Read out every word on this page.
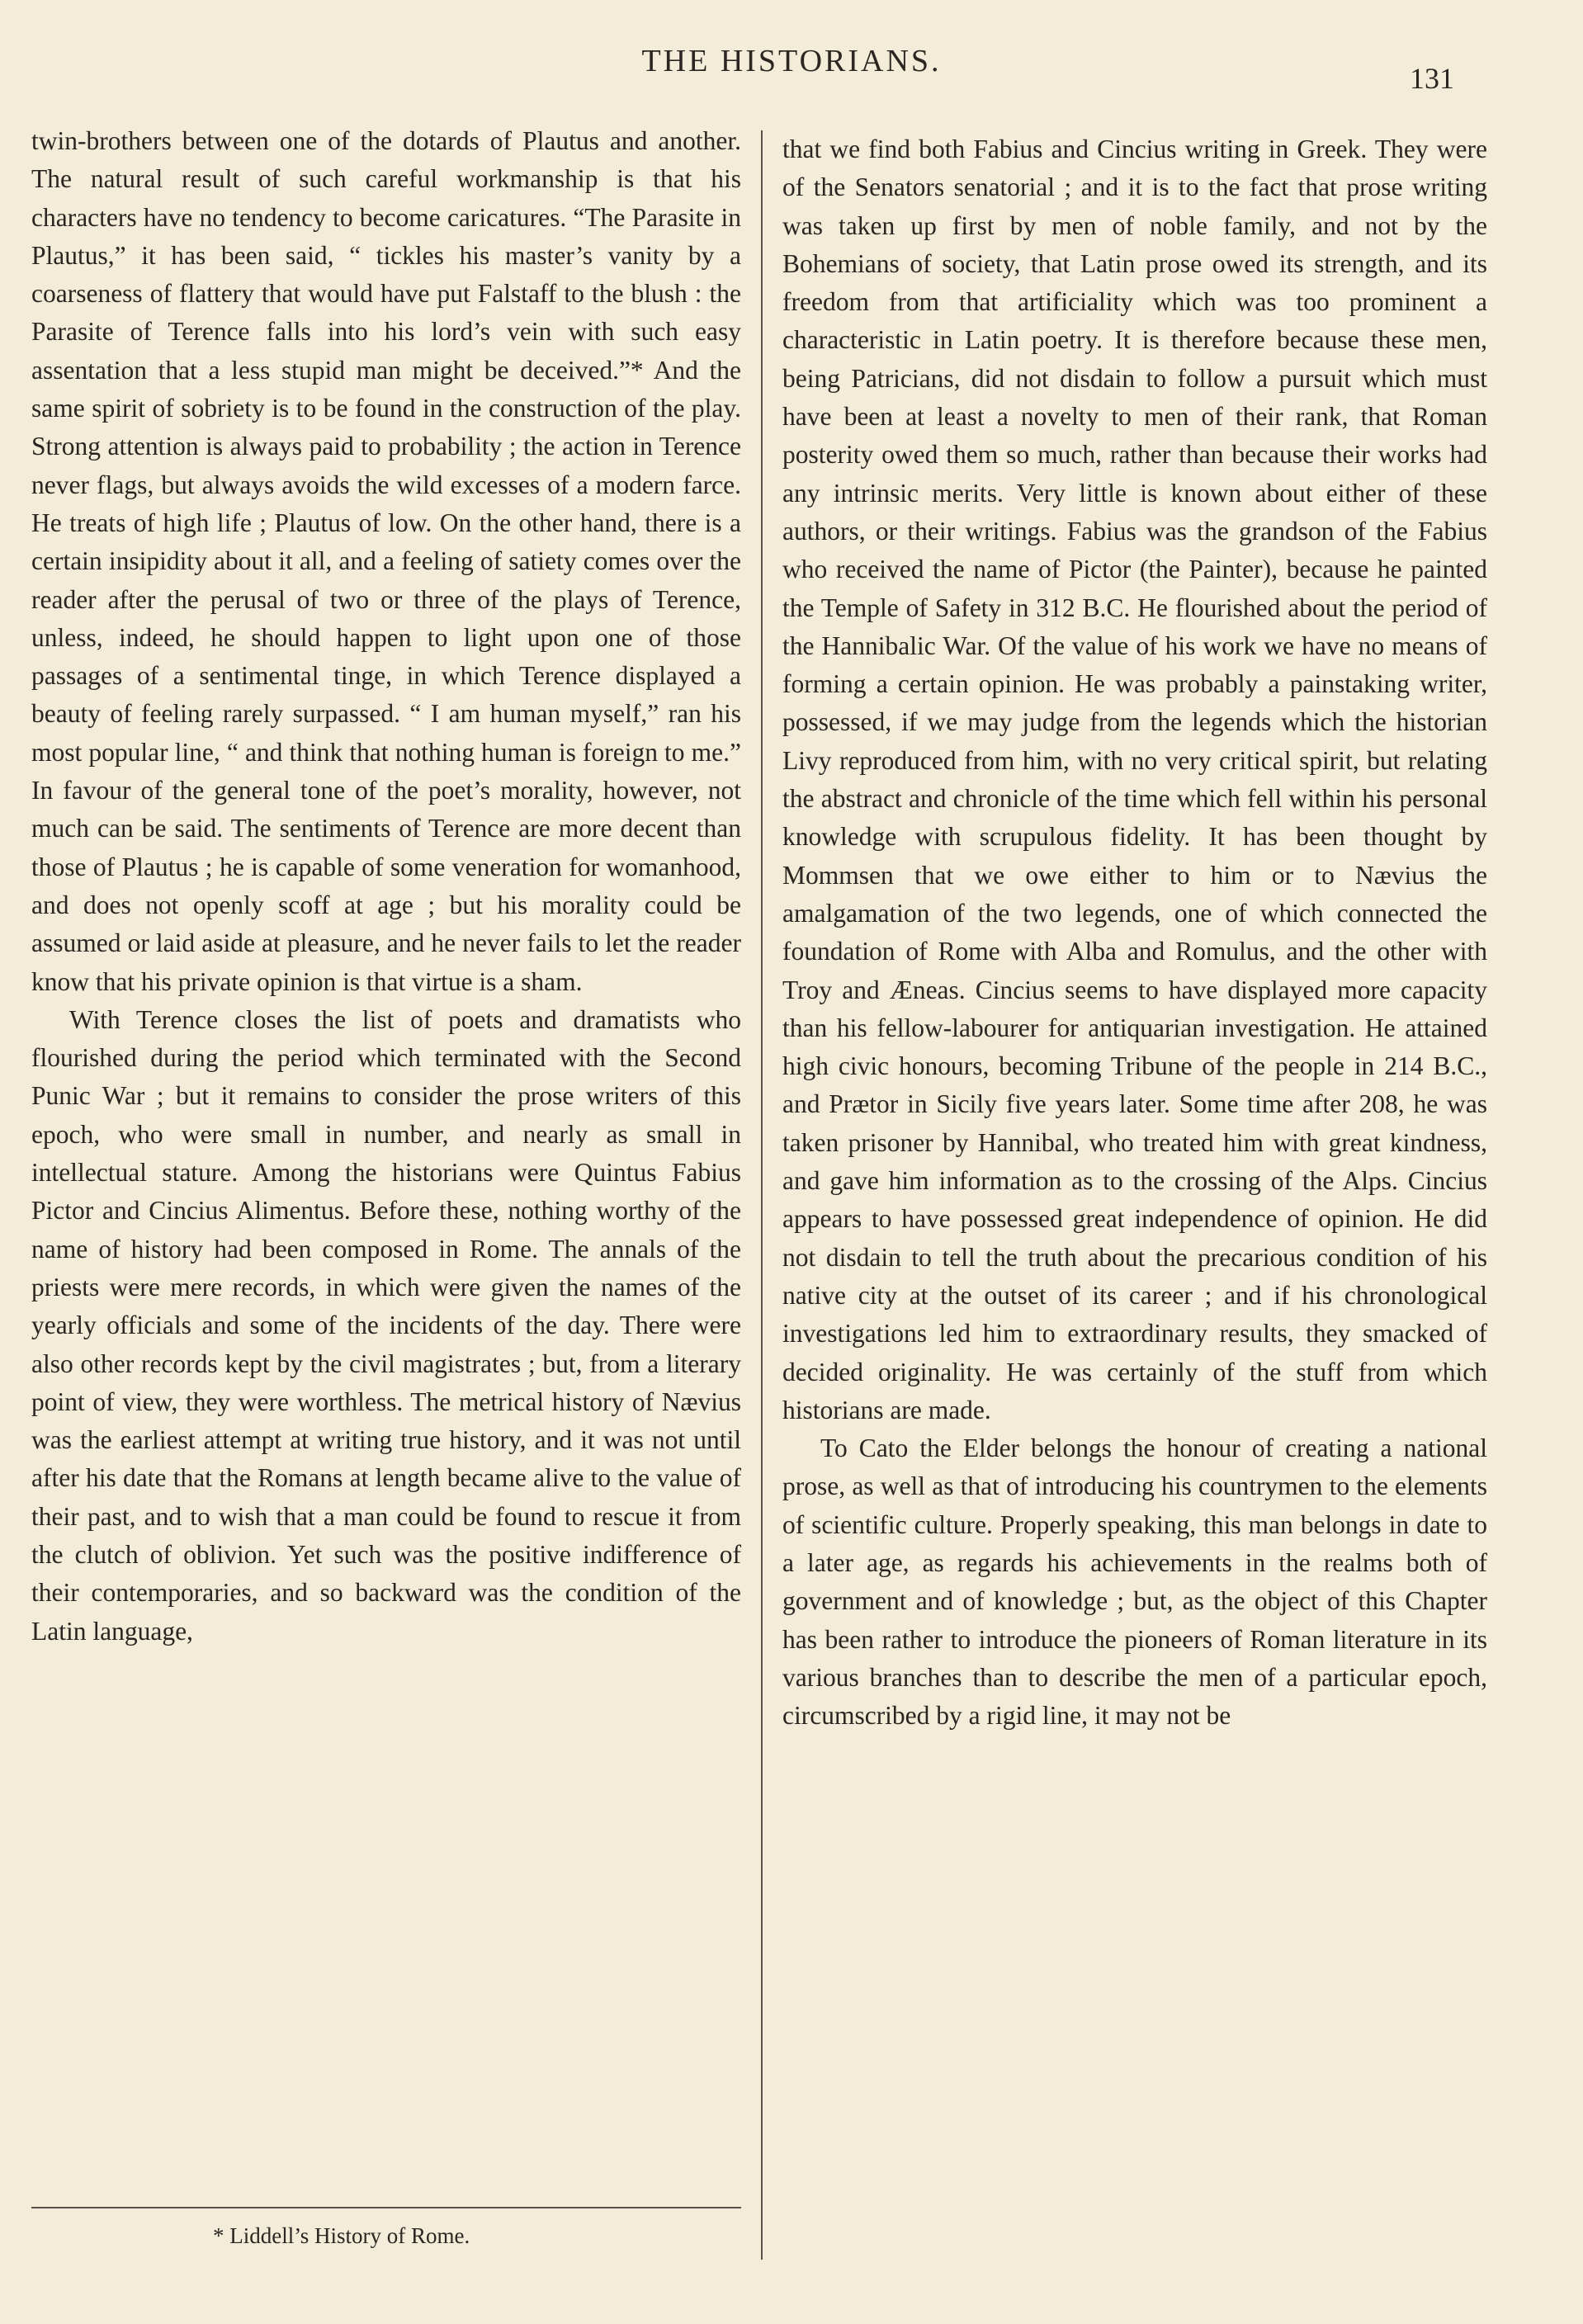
THE HISTORIANS.	131

twin-brothers between one of the dotards of Plautus and another. The natural result of such careful workmanship is that his characters have no tendency to become caricatures. “The Parasite in Plautus,” it has been said, “ tickles his master’s vanity by a coarseness of flattery that would have put Falstaff to the blush : the Parasite of Terence falls into his lord’s vein with such easy assentation that a less stupid man might be deceived.”* And the same spirit of sobriety is to be found in the construction of the play. Strong attention is always paid to probability ; the action in Terence never flags, but always avoids the wild excesses of a modern farce. He treats of high life ; Plautus of low. On the other hand, there is a certain insipidity about it all, and a feeling of satiety comes over the reader after the perusal of two or three of the plays of Terence, unless, indeed, he should happen to light upon one of those passages of a sentimental tinge, in which Terence displayed a beauty of feeling rarely surpassed. “ I am human myself,” ran his most popular line, “ and think that nothing human is foreign to me.” In favour of the general tone of the poet’s morality, however, not much can be said. The sentiments of Terence are more decent than those of Plautus ; he is capable of some veneration for womanhood, and does not openly scoff at age ; but his morality could be assumed or laid aside at pleasure, and he never fails to let the reader know that his private opinion is that virtue is a sham.

With Terence closes the list of poets and dramatists who flourished during the period which terminated with the Second Punic War ; but it remains to consider the prose writers of this epoch, who were small in number, and nearly as small in intellectual stature. Among the historians were Quintus Fabius Pictor and Cincius Alimentus. Before these, nothing worthy of the name of history had been composed in Rome. The annals of the priests were mere records, in which were given the names of the yearly officials and some of the incidents of the day. There were also other records kept by the civil magistrates ; but, from a literary point of view, they were worthless. The metrical history of Nævius was the earliest attempt at writing true history, and it was not until after his date that the Romans at length became alive to the value of their past, and to wish that a man could be found to rescue it from the clutch of oblivion. Yet such was the positive indifference of their contemporaries, and so backward was the condition of the Latin language,

that we find both Fabius and Cincius writing in Greek. They were of the Senators senatorial ; and it is to the fact that prose writing was taken up first by men of noble family, and not by the Bohemians of society, that Latin prose owed its strength, and its freedom from that artificiality which was too prominent a characteristic in Latin poetry. It is therefore because these men, being Patricians, did not disdain to follow a pursuit which must have been at least a novelty to men of their rank, that Roman posterity owed them so much, rather than because their works had any intrinsic merits. Very little is known about either of these authors, or their writings. Fabius was the grandson of the Fabius who received the name of Pictor (the Painter), because he painted the Temple of Safety in 312 B.C. He flourished about the period of the Hannibalic War. Of the value of his work we have no means of forming a certain opinion. He was probably a painstaking writer, possessed, if we may judge from the legends which the historian Livy reproduced from him, with no very critical spirit, but relating the abstract and chronicle of the time which fell within his personal knowledge with scrupulous fidelity. It has been thought by Mommsen that we owe either to him or to Nævius the amalgamation of the two legends, one of which connected the foundation of Rome with Alba and Romulus, and the other with Troy and Æneas. Cincius seems to have displayed more capacity than his fellow-labourer for antiquarian investigation. He attained high civic honours, becoming Tribune of the people in 214 B.C., and Prætor in Sicily five years later. Some time after 208, he was taken prisoner by Hannibal, who treated him with great kindness, and gave him information as to the crossing of the Alps. Cincius appears to have possessed great independence of opinion. He did not disdain to tell the truth about the precarious condition of his native city at the outset of its career ; and if his chronological investigations led him to extraordinary results, they smacked of decided originality. He was certainly of the stuff from which historians are made.

To Cato the Elder belongs the honour of creating a national prose, as well as that of introducing his countrymen to the elements of scientific culture. Properly speaking, this man belongs in date to a later age, as regards his achievements in the realms both of government and of knowledge ; but, as the object of this Chapter has been rather to introduce the pioneers of Roman literature in its various branches than to describe the men of a particular epoch, circumscribed by a rigid line, it may not be

* Liddell’s History of Rome.
